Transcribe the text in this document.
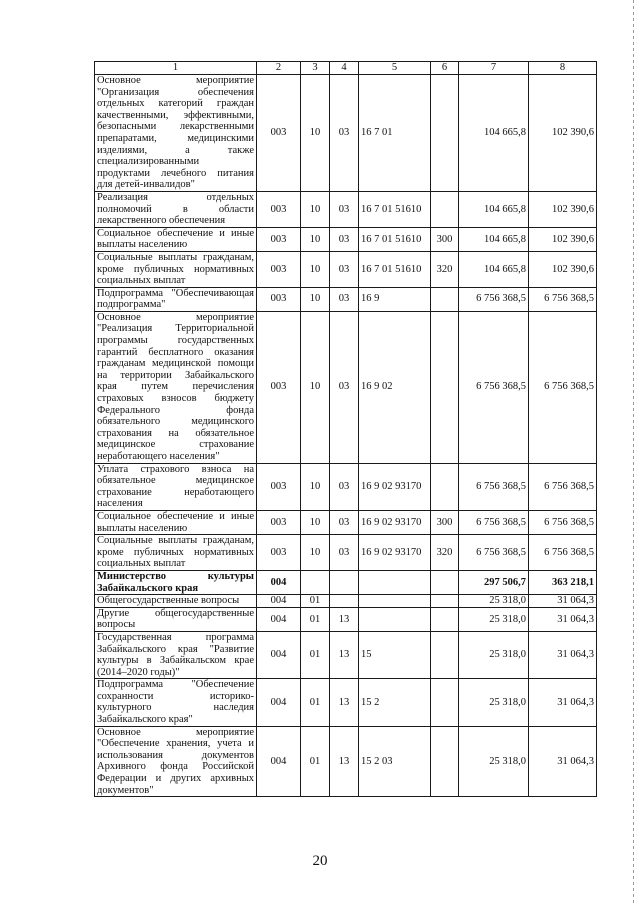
1	2	3	4	5	6	7	8
Основное мероприятие "Организация обеспечения отдельных категорий граждан качественными, эффективными, безопасными лекарственными препаратами, медицинскими изделиями, а также специализированными продуктами лечебного питания для детей-инвалидов"	003	10	03	16 7 01		104 665,8	102 390,6
Реализация отдельных полномочий в области лекарственного обеспечения	003	10	03	16 7 01 51610		104 665,8	102 390,6
Социальное обеспечение и иные выплаты населению	003	10	03	16 7 01 51610	300	104 665,8	102 390,6
Социальные выплаты гражданам, кроме публичных нормативных социальных выплат	003	10	03	16 7 01 51610	320	104 665,8	102 390,6
Подпрограмма "Обеспечивающая подпрограмма"	003	10	03	16 9		6 756 368,5	6 756 368,5
Основное мероприятие "Реализация Территориальной программы государственных гарантий бесплатного оказания гражданам медицинской помощи на территории Забайкальского края путем перечисления страховых взносов бюджету Федерального фонда обязательного медицинского страхования на обязательное медицинское страхование неработающего населения"	003	10	03	16 9 02		6 756 368,5	6 756 368,5
Уплата страхового взноса на обязательное медицинское страхование неработающего населения	003	10	03	16 9 02 93170		6 756 368,5	6 756 368,5
Социальное обеспечение и иные выплаты населению	003	10	03	16 9 02 93170	300	6 756 368,5	6 756 368,5
Социальные выплаты гражданам, кроме публичных нормативных социальных выплат	003	10	03	16 9 02 93170	320	6 756 368,5	6 756 368,5
Министерство культуры Забайкальского края	004					297 506,7	363 218,1
Общегосударственные вопросы	004	01				25 318,0	31 064,3
Другие общегосударственные вопросы	004	01	13			25 318,0	31 064,3
Государственная программа Забайкальского края "Развитие культуры в Забайкальском крае (2014–2020 годы)"	004	01	13	15		25 318,0	31 064,3
Подпрограмма "Обеспечение сохранности историко-культурного наследия Забайкальского края"	004	01	13	15 2		25 318,0	31 064,3
Основное мероприятие "Обеспечение хранения, учета и использования документов Архивного фонда Российской Федерации и других архивных документов"	004	01	13	15 2 03		25 318,0	31 064,3
20
